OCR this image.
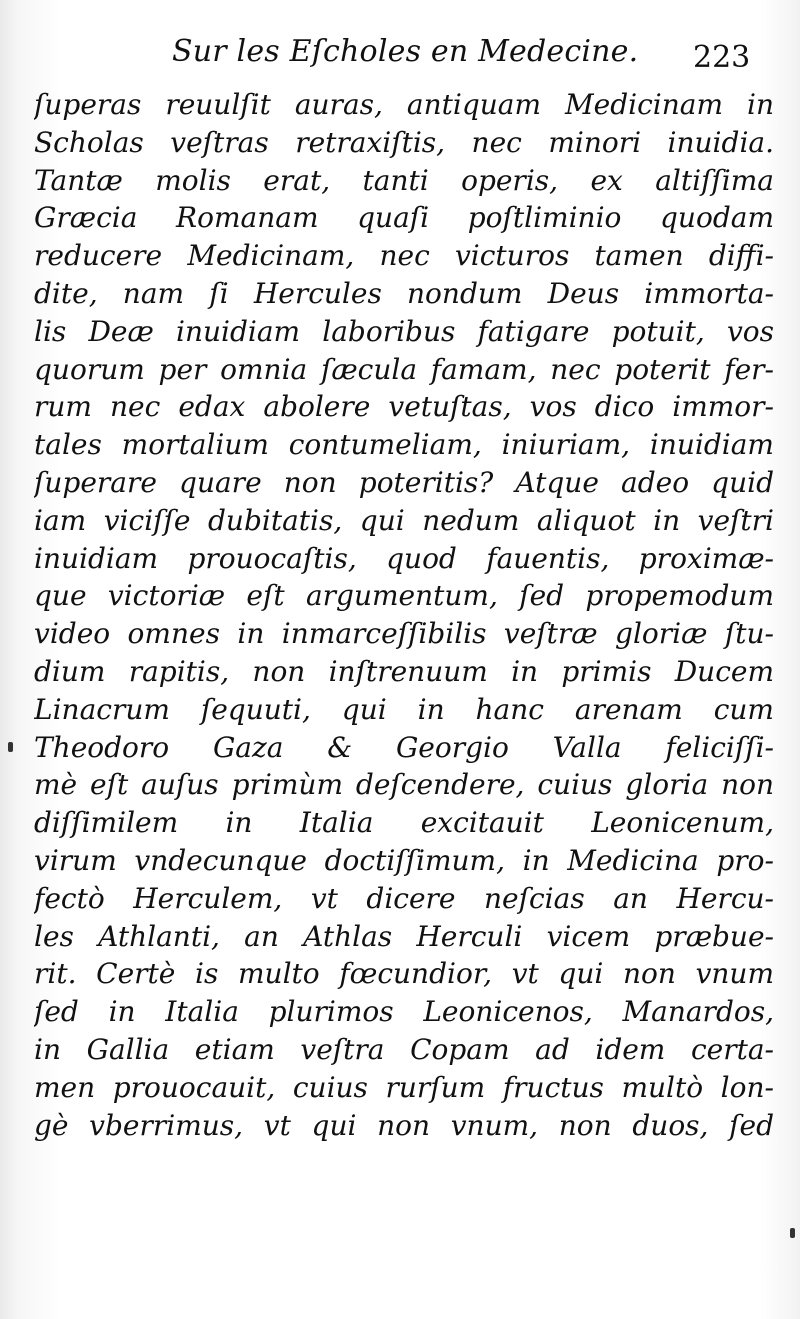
Sur les Eſcholes en Medecine. 223
ſuperas reuulſit auras, antiquam Medicinam in
Scholas veſtras retraxiſtis, nec minori inuidia.
Tantæ molis erat, tanti operis, ex altiſſima
Græcia Romanam quaſi poſtliminio quodam
reducere Medicinam, nec victuros tamen diffi-
dite, nam ſi Hercules nondum Deus immorta-
lis Deæ inuidiam laboribus fatigare potuit, vos
quorum per omnia ſæcula famam, nec poterit fer-
rum nec edax abolere vetuſtas, vos dico immor-
tales mortalium contumeliam, iniuriam, inuidiam
ſuperare quare non poteritis? Atque adeo quid
iam viciſſe dubitatis, qui nedum aliquot in veſtri
inuidiam prouocaſtis, quod fauentis, proximæ-
que victoriæ eſt argumentum, ſed propemodum
video omnes in inmarceſſibilis veſtræ gloriæ ſtu-
dium rapitis, non inſtrenuum in primis Ducem
Linacrum ſequuti, qui in hanc arenam cum
Theodoro Gaza & Georgio Valla feliciſſi-
mè eſt auſus primùm deſcendere, cuius gloria non
diſſimilem in Italia excitauit Leonicenum,
virum vndecunque doctiſſimum, in Medicina pro-
fectò Herculem, vt dicere neſcias an Hercu-
les Athlanti, an Athlas Herculi vicem præbue-
rit. Certè is multo fœcundior, vt qui non vnum
ſed in Italia plurimos Leonicenos, Manardos,
in Gallia etiam veſtra Copam ad idem certa-
men prouocauit, cuius rurſum fructus multò lon-
gè vberrimus, vt qui non vnum, non duos, ſed
